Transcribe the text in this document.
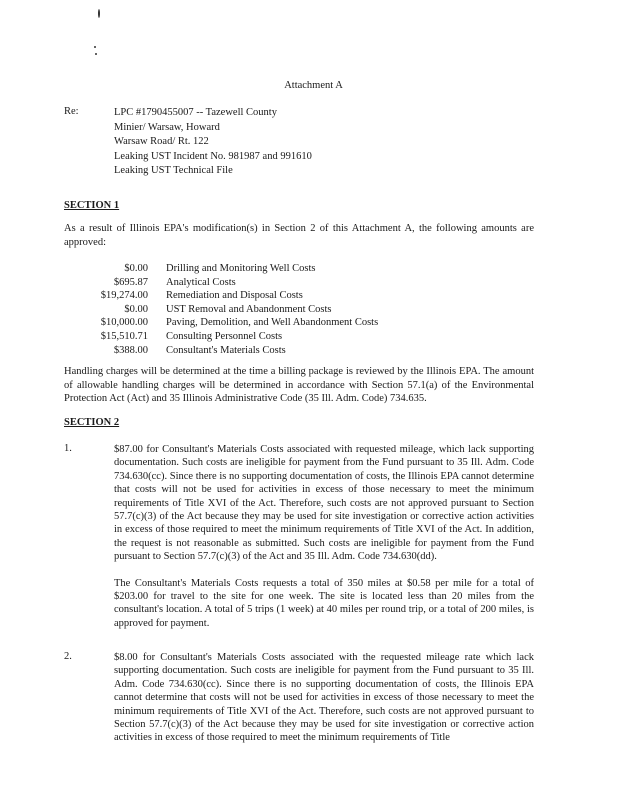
Attachment A
Re:	LPC #1790455007 -- Tazewell County
Minier/ Warsaw, Howard
Warsaw Road/ Rt. 122
Leaking UST Incident No. 981987 and 991610
Leaking UST Technical File
SECTION 1
As a result of Illinois EPA's modification(s) in Section 2 of this Attachment A, the following amounts are approved:
$0.00 Drilling and Monitoring Well Costs
$695.87 Analytical Costs
$19,274.00 Remediation and Disposal Costs
$0.00 UST Removal and Abandonment Costs
$10,000.00 Paving, Demolition, and Well Abandonment Costs
$15,510.71 Consulting Personnel Costs
$388.00 Consultant's Materials Costs
Handling charges will be determined at the time a billing package is reviewed by the Illinois EPA. The amount of allowable handling charges will be determined in accordance with Section 57.1(a) of the Environmental Protection Act (Act) and 35 Illinois Administrative Code (35 Ill. Adm. Code) 734.635.
SECTION 2
1.	$87.00 for Consultant's Materials Costs associated with requested mileage, which lack supporting documentation. Such costs are ineligible for payment from the Fund pursuant to 35 Ill. Adm. Code 734.630(cc). Since there is no supporting documentation of costs, the Illinois EPA cannot determine that costs will not be used for activities in excess of those necessary to meet the minimum requirements of Title XVI of the Act. Therefore, such costs are not approved pursuant to Section 57.7(c)(3) of the Act because they may be used for site investigation or corrective action activities in excess of those required to meet the minimum requirements of Title XVI of the Act. In addition, the request is not reasonable as submitted. Such costs are ineligible for payment from the Fund pursuant to Section 57.7(c)(3) of the Act and 35 Ill. Adm. Code 734.630(dd).

The Consultant's Materials Costs requests a total of 350 miles at $0.58 per mile for a total of $203.00 for travel to the site for one week. The site is located less than 20 miles from the consultant's location. A total of 5 trips (1 week) at 40 miles per round trip, or a total of 200 miles, is approved for payment.

2.	$8.00 for Consultant's Materials Costs associated with the requested mileage rate which lack supporting documentation. Such costs are ineligible for payment from the Fund pursuant to 35 Ill. Adm. Code 734.630(cc). Since there is no supporting documentation of costs, the Illinois EPA cannot determine that costs will not be used for activities in excess of those necessary to meet the minimum requirements of Title XVI of the Act. Therefore, such costs are not approved pursuant to Section 57.7(c)(3) of the Act because they may be used for site investigation or corrective action activities in excess of those required to meet the minimum requirements of Title
